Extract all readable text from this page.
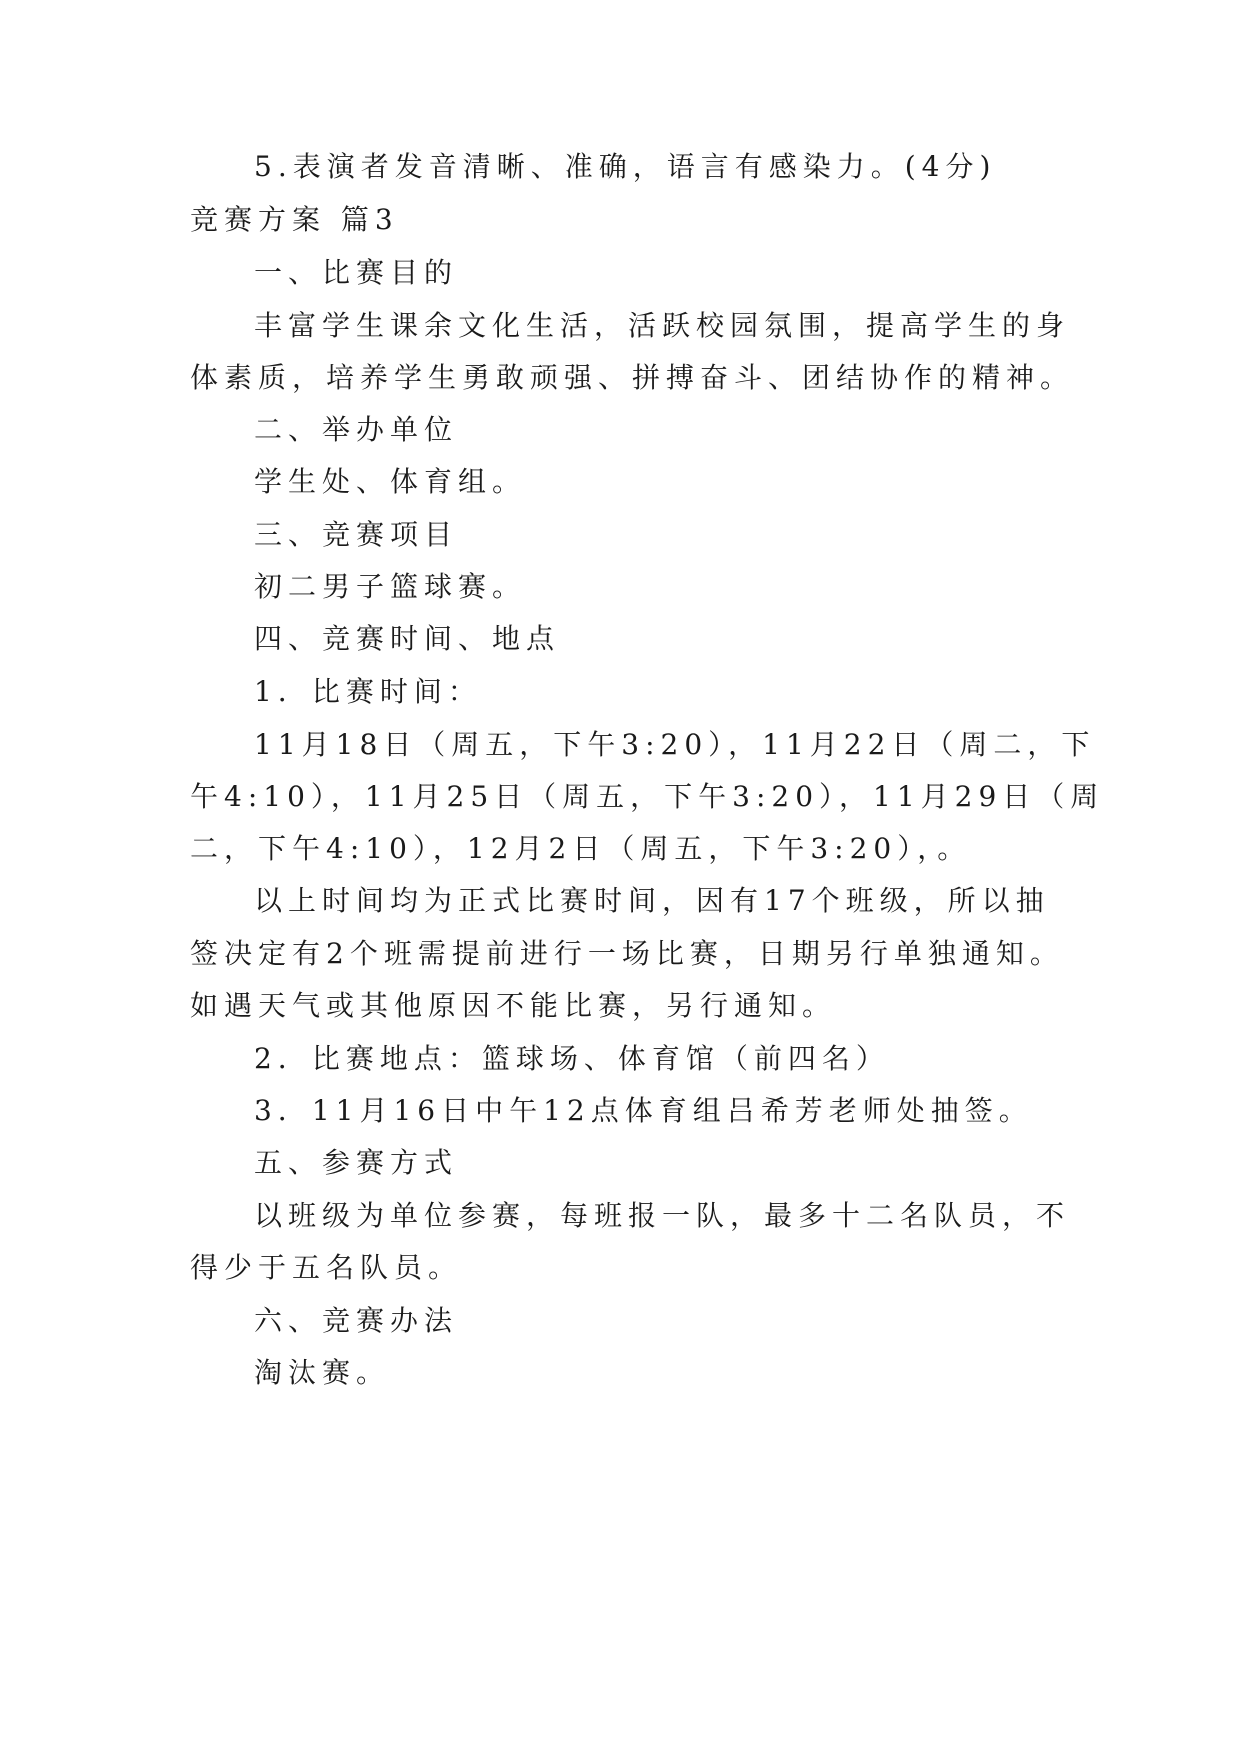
5.表演者发音清晰、准确，语言有感染力。(4分)
竞赛方案 篇3
一、比赛目的
丰富学生课余文化生活，活跃校园氛围，提高学生的身
体素质，培养学生勇敢顽强、拼搏奋斗、团结协作的精神。
二、举办单位
学生处、体育组。
三、竞赛项目
初二男子篮球赛。
四、竞赛时间、地点
1．比赛时间：
11月18日（周五，下午3:20），11月22日（周二，下
午4:10），11月25日（周五，下午3:20），11月29日（周
二，下午4:10），12月2日（周五，下午3:20），。
以上时间均为正式比赛时间，因有17个班级，所以抽
签决定有2个班需提前进行一场比赛，日期另行单独通知。
如遇天气或其他原因不能比赛，另行通知。
2．比赛地点：篮球场、体育馆（前四名）
3．11月16日中午12点体育组吕希芳老师处抽签。
五、参赛方式
以班级为单位参赛，每班报一队，最多十二名队员，不
得少于五名队员。
六、竞赛办法
淘汰赛。
